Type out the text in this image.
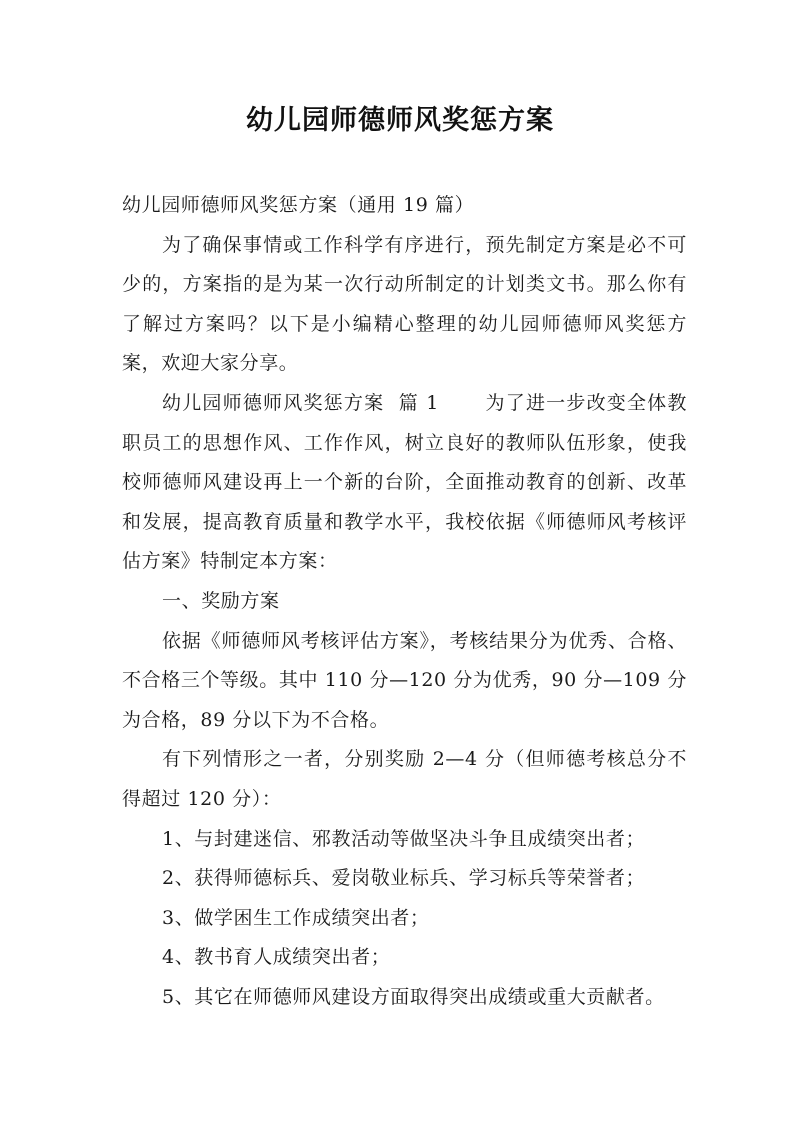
幼儿园师德师风奖惩方案

幼儿园师德师风奖惩方案（通用 19 篇）

为了确保事情或工作科学有序进行，预先制定方案是必不可少的，方案指的是为某一次行动所制定的计划类文书。那么你有了解过方案吗？以下是小编精心整理的幼儿园师德师风奖惩方案，欢迎大家分享。

幼儿园师德师风奖惩方案  篇 1 为了进一步改变全体教职员工的思想作风、工作作风，树立良好的教师队伍形象，使我校师德师风建设再上一个新的台阶，全面推动教育的创新、改革和发展，提高教育质量和教学水平，我校依据《师德师风考核评估方案》特制定本方案：

一、奖励方案

依据《师德师风考核评估方案》，考核结果分为优秀、合格、不合格三个等级。其中 110 分—120 分为优秀，90 分—109 分为合格，89 分以下为不合格。

有下列情形之一者，分别奖励 2—4 分（但师德考核总分不得超过 120 分）：

1、与封建迷信、邪教活动等做坚决斗争且成绩突出者；

2、获得师德标兵、爱岗敬业标兵、学习标兵等荣誉者；

3、做学困生工作成绩突出者；

4、教书育人成绩突出者；

5、其它在师德师风建设方面取得突出成绩或重大贡献者。
